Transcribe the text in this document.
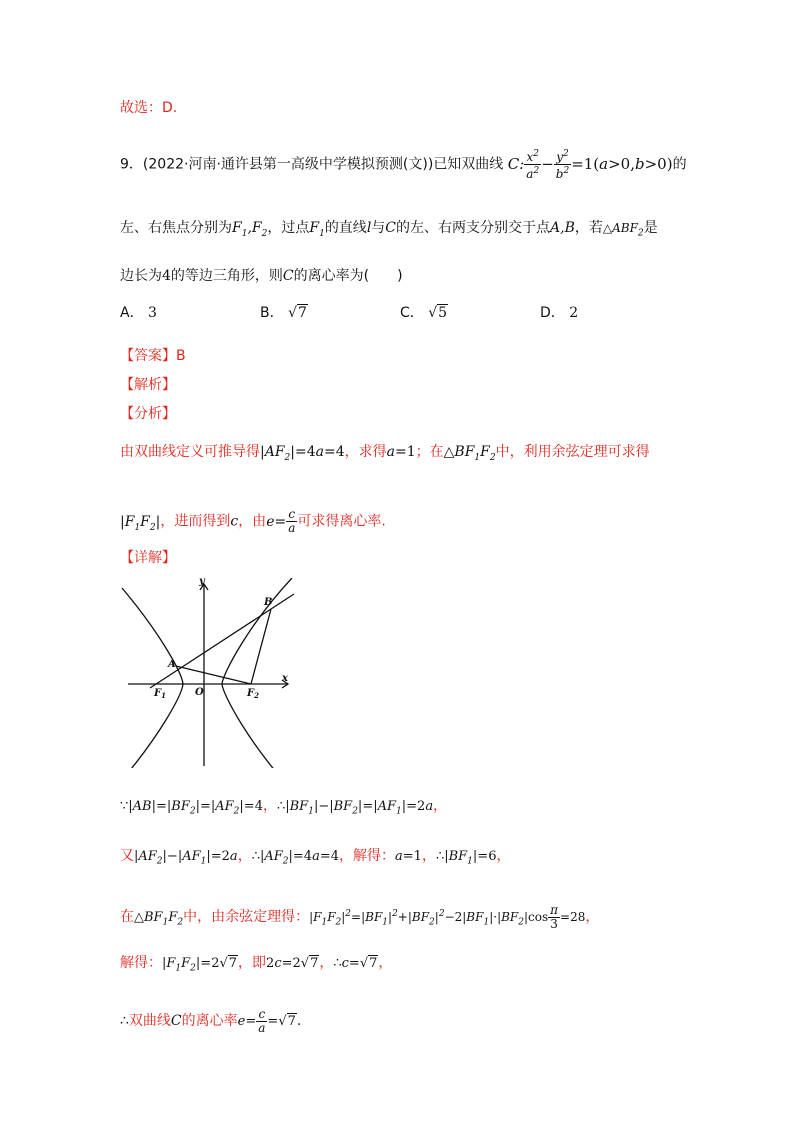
故选：D.
9．(2022·河南·通许县第一高级中学模拟预测(文))已知双曲线 C: $\frac{x^2}{a^2} - \frac{y^2}{b^2} =1(a>0,b>0)$的
左、右焦点分别为$F_1,F_2$，过点$F_1$的直线l与C的左、右两支分别交于点A,B，若$\triangle ABF_2$是
边长为4的等边三角形，则C的离心率为(　　)
A． 3	B． √7	C． √5	D． 2
【答案】B
【解析】
【分析】
由双曲线定义可推导得$|AF_2|=4a=4$，求得a=1；在$\triangle BF_1F_2$中，利用余弦定理可求得
$|F_1F_2|$，进而得到c，由$e= \frac{c}{a}$ 可求得离心率.
【详解】
y
x
A
B
O
$F_1$	$F_2$
$\because|AB|=|BF_2|=|AF_2|=4$，$\therefore|BF_1|-|BF_2|=|AF_1|=2a$，
又$|AF_2|-|AF_1|=2a$，$\therefore|AF_2|=4a=4$，解得：a=1，$\therefore|BF_1|=6$，
在$\triangle BF_1F_2$中，由余弦定理得：$|F_1F_2|^2=|BF_1|^2+|BF_2|^2-2|BF_1|\cdot|BF_2|\cos \frac{\pi}{3} =28$，
解得：$|F_1F_2|=2√7$，即2c=2√7，∴c=√7，
∴双曲线C的离心率$e= \frac{c}{a} =√7$.
